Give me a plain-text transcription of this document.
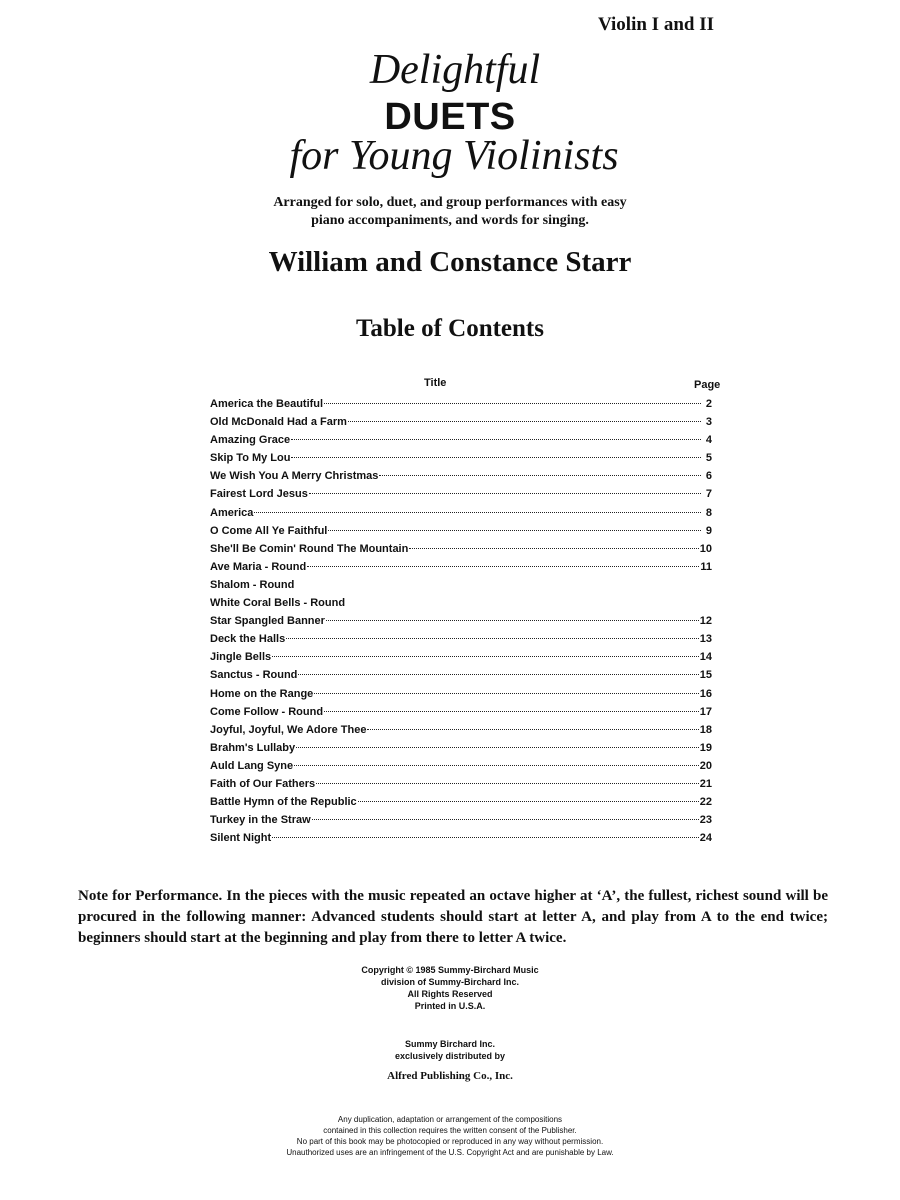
Violin I and II
Delightful
DUETS
for Young Violinists
Arranged for solo, duet, and group performances with easy
piano accompaniments, and words for singing.
William and Constance Starr
Table of Contents
Title	Page
America the Beautiful	2
Old McDonald Had a Farm	3
Amazing Grace	4
Skip To My Lou	5
We Wish You A Merry Christmas	6
Fairest Lord Jesus	7
America	8
O Come All Ye Faithful	9
She'll Be Comin' Round The Mountain	10
Ave Maria - Round	11
Shalom - Round
White Coral Bells - Round
Star Spangled Banner	12
Deck the Halls	13
Jingle Bells	14
Sanctus - Round	15
Home on the Range	16
Come Follow - Round	17
Joyful, Joyful, We Adore Thee	18
Brahm's Lullaby	19
Auld Lang Syne	20
Faith of Our Fathers	21
Battle Hymn of the Republic	22
Turkey in the Straw	23
Silent Night	24
Note for Performance. In the pieces with the music repeated an octave higher at ‘A’, the fullest, richest sound will be procured in the following manner: Advanced students should start at letter A, and play from A to the end twice; beginners should start at the beginning and play from there to letter A twice.
Copyright © 1985 Summy-Birchard Music
division of Summy-Birchard Inc.
All Rights Reserved
Printed in U.S.A.
Summy Birchard Inc.
exclusively distributed by
Alfred Publishing Co., Inc.
Any duplication, adaptation or arrangement of the compositions
contained in this collection requires the written consent of the Publisher.
No part of this book may be photocopied or reproduced in any way without permission.
Unauthorized uses are an infringement of the U.S. Copyright Act and are punishable by Law.
